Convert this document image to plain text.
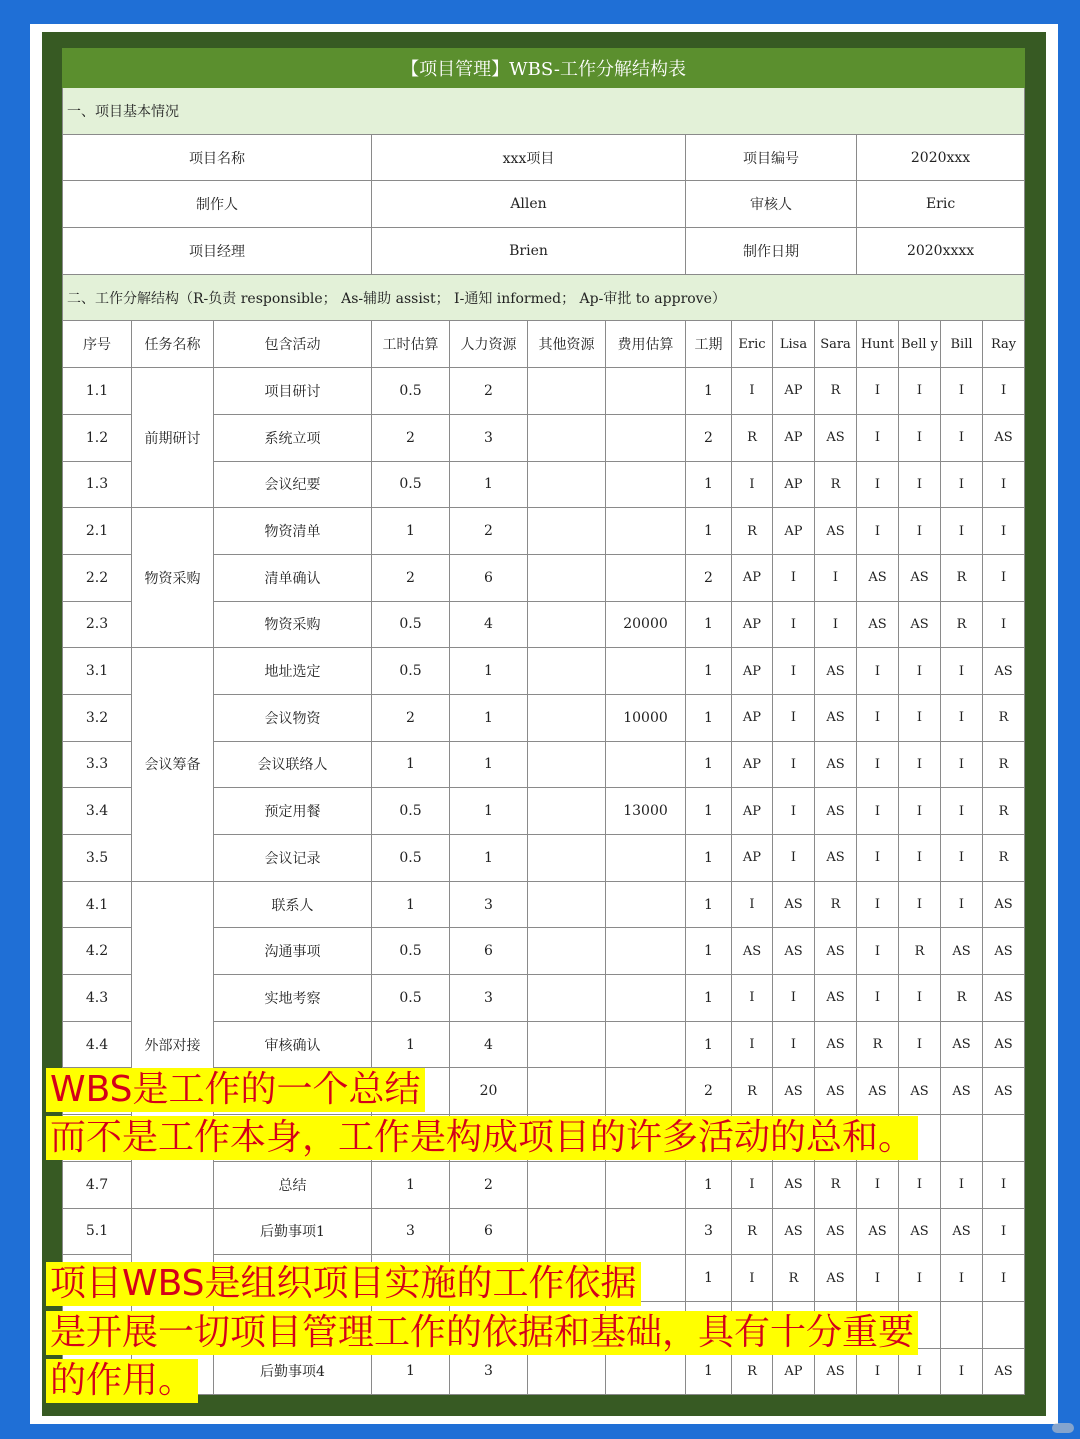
【项目管理】WBS-工作分解结构表														
一、项目基本情况														
项目名称			xxx项目				项目编号				2020xxx			
制作人			Allen				审核人				Eric			
项目经理			Brien				制作日期				2020xxxx			
二、工作分解结构（R-负责 responsible； As-辅助 assist； I-通知 informed； Ap-审批 to approve）														
序号	任务名称	包含活动	工时估算	人力资源	其他资源	费用估算	工期	Eric	Lisa	Sara	Hunt	Bell y	Bill	Ray
1.1	前期研讨	项目研讨	0.5	2			1	I	AP	R	I	I	I	I
1.2		系统立项	2	3			2	R	AP	AS	I	I	I	AS
1.3		会议纪要	0.5	1			1	I	AP	R	I	I	I	I
2.1	物资采购	物资清单	1	2			1	R	AP	AS	I	I	I	I
2.2		清单确认	2	6			2	AP	I	I	AS	AS	R	I
2.3		物资采购	0.5	4		20000	1	AP	I	I	AS	AS	R	I
3.1	会议筹备	地址选定	0.5	1			1	AP	I	AS	I	I	I	AS
3.2		会议物资	2	1		10000	1	AP	I	AS	I	I	I	R
3.3		会议联络人	1	1			1	AP	I	AS	I	I	I	R
3.4		预定用餐	0.5	1		13000	1	AP	I	AS	I	I	I	R
3.5		会议记录	0.5	1			1	AP	I	AS	I	I	I	R
4.1	外部对接	联系人	1	3			1	I	AS	R	I	I	I	AS
4.2		沟通事项	0.5	6			1	AS	AS	AS	I	R	AS	AS
4.3		实地考察	0.5	3			1	I	I	AS	I	I	R	AS
4.4		审核确认	1	4			1	I	I	AS	R	I	AS	AS
				20			2	R	AS	AS	AS	AS	AS	AS

4.7		总结	1	2			1	I	AS	R	I	I	I	I
5.1		后勤事项1	3	6			3	R	AS	AS	AS	AS	AS	I
							1	I	R	AS	I	I	I	I

		后勤事项4	1	3			1	R	AP	AS	I	I	I	AS
WBS是工作的一个总结
而不是工作本身，工作是构成项目的许多活动的总和。
项目WBS是组织项目实施的工作依据
是开展一切项目管理工作的依据和基础，具有十分重要
的作用。
